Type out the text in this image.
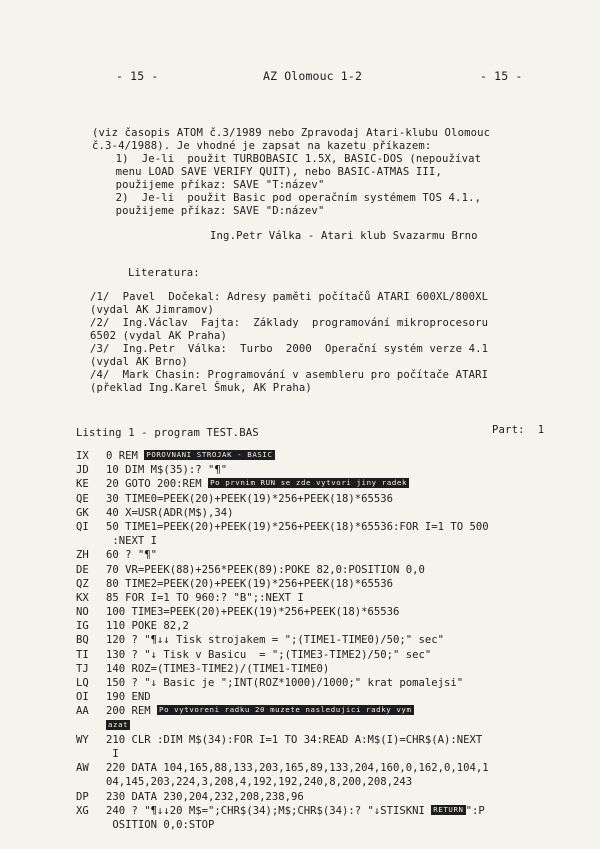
- 15 -	AZ Olomouc 1-2	- 15 -
(viz časopis ATOM č.3/1989 nebo Zpravodaj Atari-klubu Olomouc
č.3-4/1988). Je vhodné je zapsat na kazetu příkazem:
1)  Je-li  použit TURBOBASIC 1.5X, BASIC-DOS (nepoužívat
menu LOAD SAVE VERIFY QUIT), nebo BASIC-ATMAS III,
použijeme příkaz: SAVE "T:název"
2)  Je-li  použit Basic pod operačním systémem TOS 4.1.,
použijeme příkaz: SAVE "D:název"
Ing.Petr Válka - Atari klub Svazarmu Brno
Literatura:
/1/  Pavel  Dočekal: Adresy paměti počítačů ATARI 600XL/800XL
(vydal AK Jimramov)
/2/  Ing.Václav  Fajta:  Základy  programování mikroprocesoru
6502 (vydal AK Praha)
/3/  Ing.Petr  Válka:  Turbo  2000  Operační systém verze 4.1
(vydal AK Brno)
/4/  Mark Chasin: Programování v asembleru pro počítače ATARI
(překlad Ing.Karel Šmuk, AK Praha)
Listing 1 - program TEST.BAS	Part:  1
IX	0 REM POROVNANI STROJAK - BASIC
JD	10 DIM M$(35):? "¶"
KE	20 GOTO 200:REM Po prvnim RUN se zde vytvori jiny radek
QE	30 TIME0=PEEK(20)+PEEK(19)*256+PEEK(18)*65536
GK	40 X=USR(ADR(M$),34)
QI	50 TIME1=PEEK(20)+PEEK(19)*256+PEEK(18)*65536:FOR I=1 TO 500
:NEXT I
ZH	60 ? "¶"
DE	70 VR=PEEK(88)+256*PEEK(89):POKE 82,0:POSITION 0,0
QZ	80 TIME2=PEEK(20)+PEEK(19)*256+PEEK(18)*65536
KX	85 FOR I=1 TO 960:? "B";:NEXT I
NO	100 TIME3=PEEK(20)+PEEK(19)*256+PEEK(18)*65536
IG	110 POKE 82,2
BQ	120 ? "¶↓↓ Tisk strojakem = ";(TIME1-TIME0)/50;" sec"
TI	130 ? "↓ Tisk v Basicu  = ";(TIME3-TIME2)/50;" sec"
TJ	140 ROZ=(TIME3-TIME2)/(TIME1-TIME0)
LQ	150 ? "↓ Basic je ";INT(ROZ*1000)/1000;" krat pomalejsi"
OI	190 END
AA	200 REM Po vytvoreni radku 20 muzete nasledujici radky vym
azat
WY	210 CLR :DIM M$(34):FOR I=1 TO 34:READ A:M$(I)=CHR$(A):NEXT
I
AW	220 DATA 104,165,88,133,203,165,89,133,204,160,0,162,0,104,1
04,145,203,224,3,208,4,192,192,240,8,200,208,243
DP	230 DATA 230,204,232,208,238,96
XG	240 ? "¶↓↓20 M$=";CHR$(34);M$;CHR$(34):? "↓STISKNI RETURN ":P
OSITION 0,0:STOP
